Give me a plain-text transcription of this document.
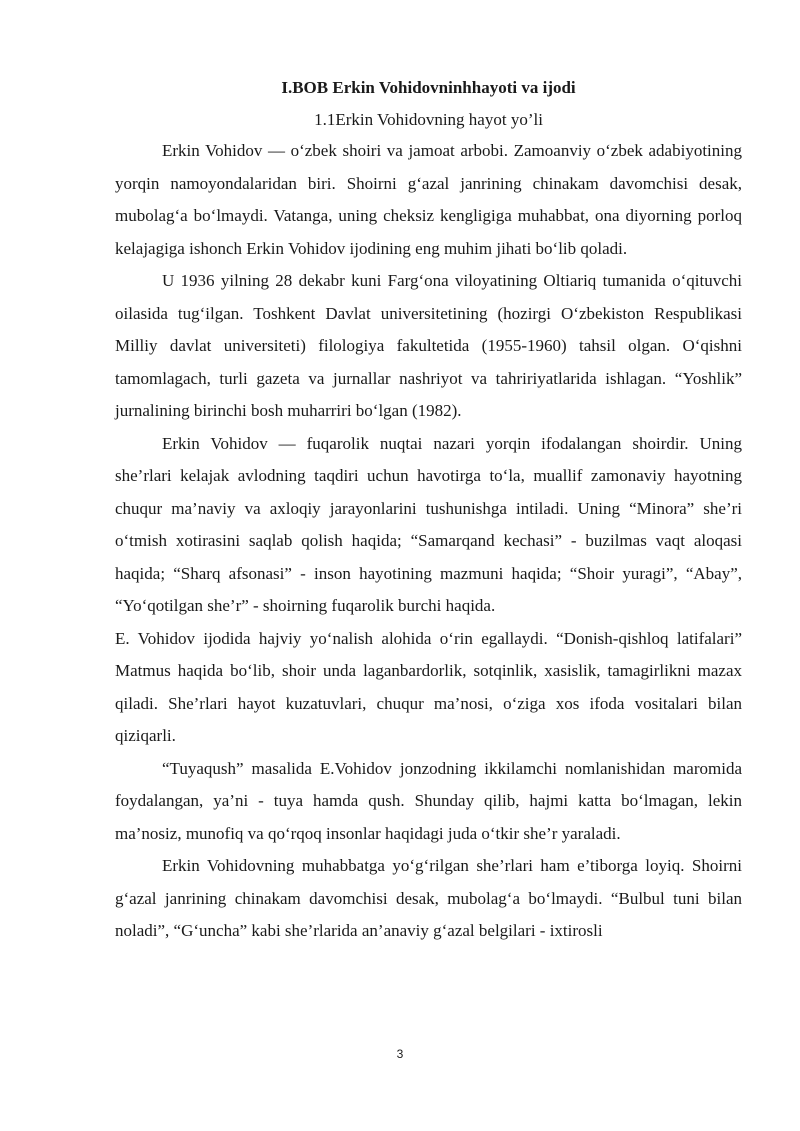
I.BOB Erkin Vohidovninhhayoti va ijodi
1.1Erkin Vohidovning hayot yo’li

Erkin Vohidov — o‘zbek shoiri va jamoat arbobi. Zamoanviy o‘zbek adabiyotining yorqin namoyondalaridan biri. Shoirni g‘azal janrining chinakam davomchisi desak, mubolag‘a bo‘lmaydi. Vatanga, uning cheksiz kengligiga muhabbat, ona diyorning porloq kelajagiga ishonch Erkin Vohidov ijodining eng muhim jihati bo‘lib qoladi.

U 1936 yilning 28 dekabr kuni Farg‘ona viloyatining Oltiariq tumanida o‘qituvchi oilasida tug‘ilgan. Toshkent Davlat universitetining (hozirgi O‘zbekiston Respublikasi Milliy davlat universiteti) filologiya fakultetida (1955-1960) tahsil olgan. O‘qishni tamomlagach, turli gazeta va jurnallar nashriyot va tahririyatlarida ishlagan. “Yoshlik” jurnalining birinchi bosh muharriri bo‘lgan (1982).

Erkin Vohidov — fuqarolik nuqtai nazari yorqin ifodalangan shoirdir. Uning she’rlari kelajak avlodning taqdiri uchun havotirga to‘la, muallif zamonaviy hayotning chuqur ma’naviy va axloqiy jarayonlarini tushunishga intiladi. Uning “Minora” she’ri o‘tmish xotirasini saqlab qolish haqida; “Samarqand kechasi” - buzilmas vaqt aloqasi haqida; “Sharq afsonasi” - inson hayotining mazmuni haqida; “Shoir yuragi”, “Abay”, “Yo‘qotilgan she’r” - shoirning fuqarolik burchi haqida.

E. Vohidov ijodida hajviy yo‘nalish alohida o‘rin egallaydi. “Donish-qishloq latifalari” Matmus haqida bo‘lib, shoir unda laganbardorlik, sotqinlik, xasislik, tamagirlikni mazax qiladi. She’rlari hayot kuzatuvlari, chuqur ma’nosi, o‘ziga xos ifoda vositalari bilan qiziqarli.

“Tuyaqush” masalida E.Vohidov jonzodning ikkilamchi nomlanishidan maromida foydalangan, ya’ni - tuya hamda qush. Shunday qilib, hajmi katta bo‘lmagan, lekin ma’nosiz, munofiq va qo‘rqoq insonlar haqidagi juda o‘tkir she’r yaraladi.

Erkin Vohidovning muhabbatga yo‘g‘rilgan she’rlari ham e’tiborga loyiq. Shoirni g‘azal janrining chinakam davomchisi desak, mubolag‘a bo‘lmaydi. “Bulbul tuni bilan noladi”, “G‘uncha” kabi she’rlarida an’anaviy g‘azal belgilari - ixtirosli

3
